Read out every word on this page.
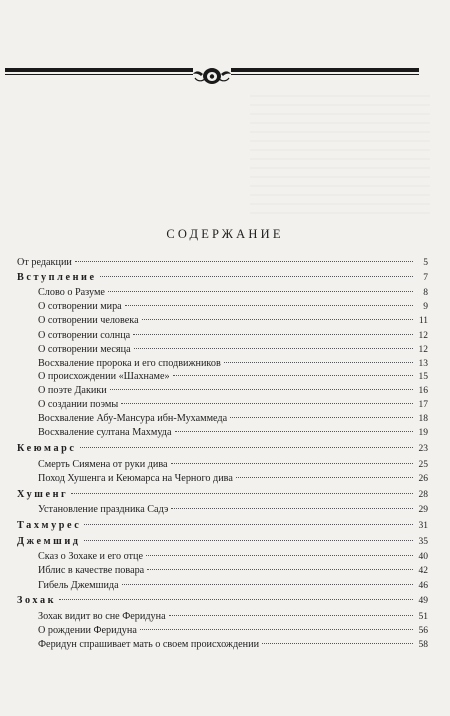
СОДЕРЖАНИЕ
От редакции	5
Вступление	7
Слово о Разуме	8
О сотворении мира	9
О сотворении человека	11
О сотворении солнца	12
О сотворении месяца	12
Восхваление пророка и его сподвижников	13
О происхождении «Шахнаме»	15
О поэте Дакики	16
О создании поэмы	17
Восхваление Абу-Мансура ибн-Мухаммеда	18
Восхваление султана Махмуда	19
Кеюмарс	23
Смерть Сиямена от руки дива	25
Поход Хушенга и Кеюмарса на Черного дива	26
Хушенг	28
Установление праздника Садэ	29
Тахмурес	31
Джемшид	35
Сказ о Зохаке и его отце	40
Иблис в качестве повара	42
Гибель Джемшида	46
Зохак	49
Зохак видит во сне Феридуна	51
О рождении Феридуна	56
Феридун спрашивает мать о своем происхождении	58
